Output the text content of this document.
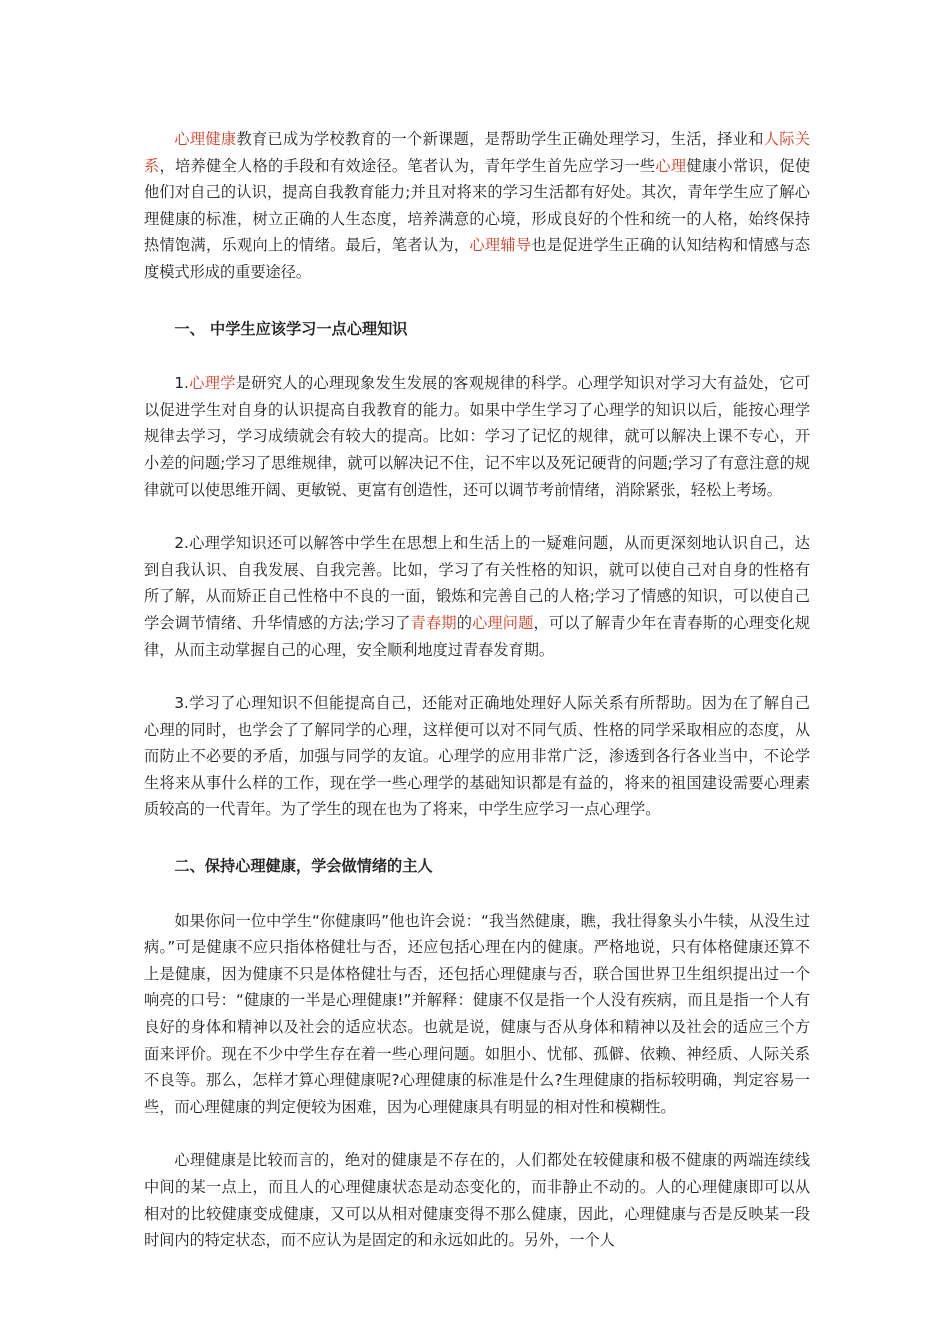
心理健康教育已成为学校教育的一个新课题，是帮助学生正确处理学习，生活，择业和人际关系，培养健全人格的手段和有效途径。笔者认为，青年学生首先应学习一些心理健康小常识，促使他们对自己的认识，提高自我教育能力;并且对将来的学习生活都有好处。其次，青年学生应了解心理健康的标准，树立正确的人生态度，培养满意的心境，形成良好的个性和统一的人格，始终保持热情饱满，乐观向上的情绪。最后，笔者认为，心理辅导也是促进学生正确的认知结构和情感与态度模式形成的重要途径。

一、 中学生应该学习一点心理知识

1.心理学是研究人的心理现象发生发展的客观规律的科学。心理学知识对学习大有益处，它可以促进学生对自身的认识提高自我教育的能力。如果中学生学习了心理学的知识以后，能按心理学规律去学习，学习成绩就会有较大的提高。比如：学习了记忆的规律，就可以解决上课不专心，开小差的问题;学习了思维规律，就可以解决记不住，记不牢以及死记硬背的问题;学习了有意注意的规律就可以使思维开阔、更敏锐、更富有创造性，还可以调节考前情绪，消除紧张，轻松上考场。

2.心理学知识还可以解答中学生在思想上和生活上的一疑难问题，从而更深刻地认识自己，达到自我认识、自我发展、自我完善。比如，学习了有关性格的知识，就可以使自己对自身的性格有所了解，从而矫正自己性格中不良的一面，锻炼和完善自己的人格;学习了情感的知识，可以使自己学会调节情绪、升华情感的方法;学习了青春期的心理问题，可以了解青少年在青春斯的心理变化规律，从而主动掌握自己的心理，安全顺利地度过青春发育期。

3.学习了心理知识不但能提高自己，还能对正确地处理好人际关系有所帮助。因为在了解自己心理的同时，也学会了了解同学的心理，这样便可以对不同气质、性格的同学采取相应的态度，从而防止不必要的矛盾，加强与同学的友谊。心理学的应用非常广泛，渗透到各行各业当中，不论学生将来从事什么样的工作，现在学一些心理学的基础知识都是有益的，将来的祖国建设需要心理素质较高的一代青年。为了学生的现在也为了将来，中学生应学习一点心理学。

二、保持心理健康，学会做情绪的主人

如果你问一位中学生“你健康吗”他也许会说：“我当然健康，瞧，我壮得象头小牛犊，从没生过病。”可是健康不应只指体格健壮与否，还应包括心理在内的健康。严格地说，只有体格健康还算不上是健康，因为健康不只是体格健壮与否，还包括心理健康与否，联合国世界卫生组织提出过一个响亮的口号：“健康的一半是心理健康!”并解释：健康不仅是指一个人没有疾病，而且是指一个人有良好的身体和精神以及社会的适应状态。也就是说，健康与否从身体和精神以及社会的适应三个方面来评价。现在不少中学生存在着一些心理问题。如胆小、忧郁、孤僻、依赖、神经质、人际关系不良等。那么，怎样才算心理健康呢?心理健康的标准是什么?生理健康的指标较明确，判定容易一些，而心理健康的判定便较为困难，因为心理健康具有明显的相对性和模糊性。

心理健康是比较而言的，绝对的健康是不存在的，人们都处在较健康和极不健康的两端连续线中间的某一点上，而且人的心理健康状态是动态变化的，而非静止不动的。人的心理健康即可以从相对的比较健康变成健康，又可以从相对健康变得不那么健康，因此，心理健康与否是反映某一段时间内的特定状态，而不应认为是固定的和永远如此的。另外，一个人
